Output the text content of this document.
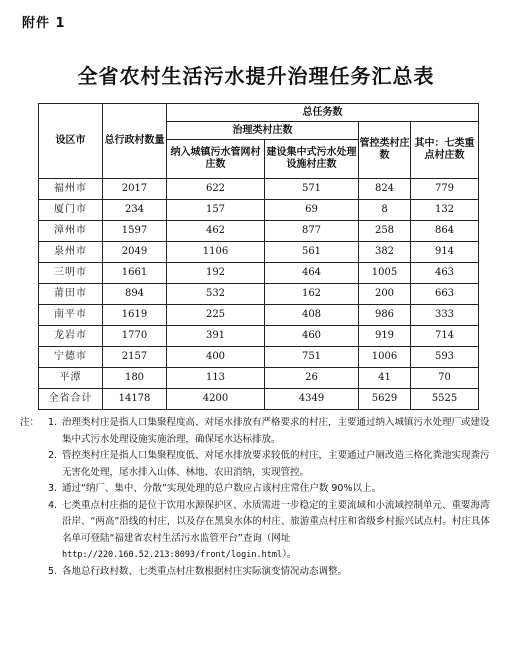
附件 1
全省农村生活污水提升治理任务汇总表
设区市	总行政村数量	总任务数			
		治理类村庄数		管控类村庄数	其中：七类重点村庄数
		纳入城镇污水管网村庄数	建设集中式污水处理设施村庄数		
福州市	2017	622	571	824	779
厦门市	234	157	69	8	132
漳州市	1597	462	877	258	864
泉州市	2049	1106	561	382	914
三明市	1661	192	464	1005	463
莆田市	894	532	162	200	663
南平市	1619	225	408	986	333
龙岩市	1770	391	460	919	714
宁德市	2157	400	751	1006	593
平潭	180	113	26	41	70
全省合计	14178	4200	4349	5629	5525
注： 1. 治理类村庄是指人口集聚程度高、对尾水排放有严格要求的村庄，主要通过纳入城镇污水处理厂或建设集中式污水处理设施实施治理，确保尾水达标排放。
2. 管控类村庄是指人口集聚程度低、对尾水排放要求较低的村庄，主要通过户厕改造三格化粪池实现粪污无害化处理，尾水排入山体、林地、农田消纳，实现管控。
3. 通过“纳厂、集中、分散”实现处理的总户数应占该村庄常住户数 90%以上。
4. 七类重点村庄指的是位于饮用水源保护区、水质需进一步稳定的主要流域和小流域控制单元、重要海湾沿岸、“两高”沿线的村庄，以及存在黑臭水体的村庄、旅游重点村庄和省级乡村振兴试点村。村庄具体名单可登陆“福建省农村生活污水监管平台”查询（网址 http://220.160.52.213:8093/front/login.html）。
5. 各地总行政村数、七类重点村庄数根据村庄实际演变情况动态调整。
